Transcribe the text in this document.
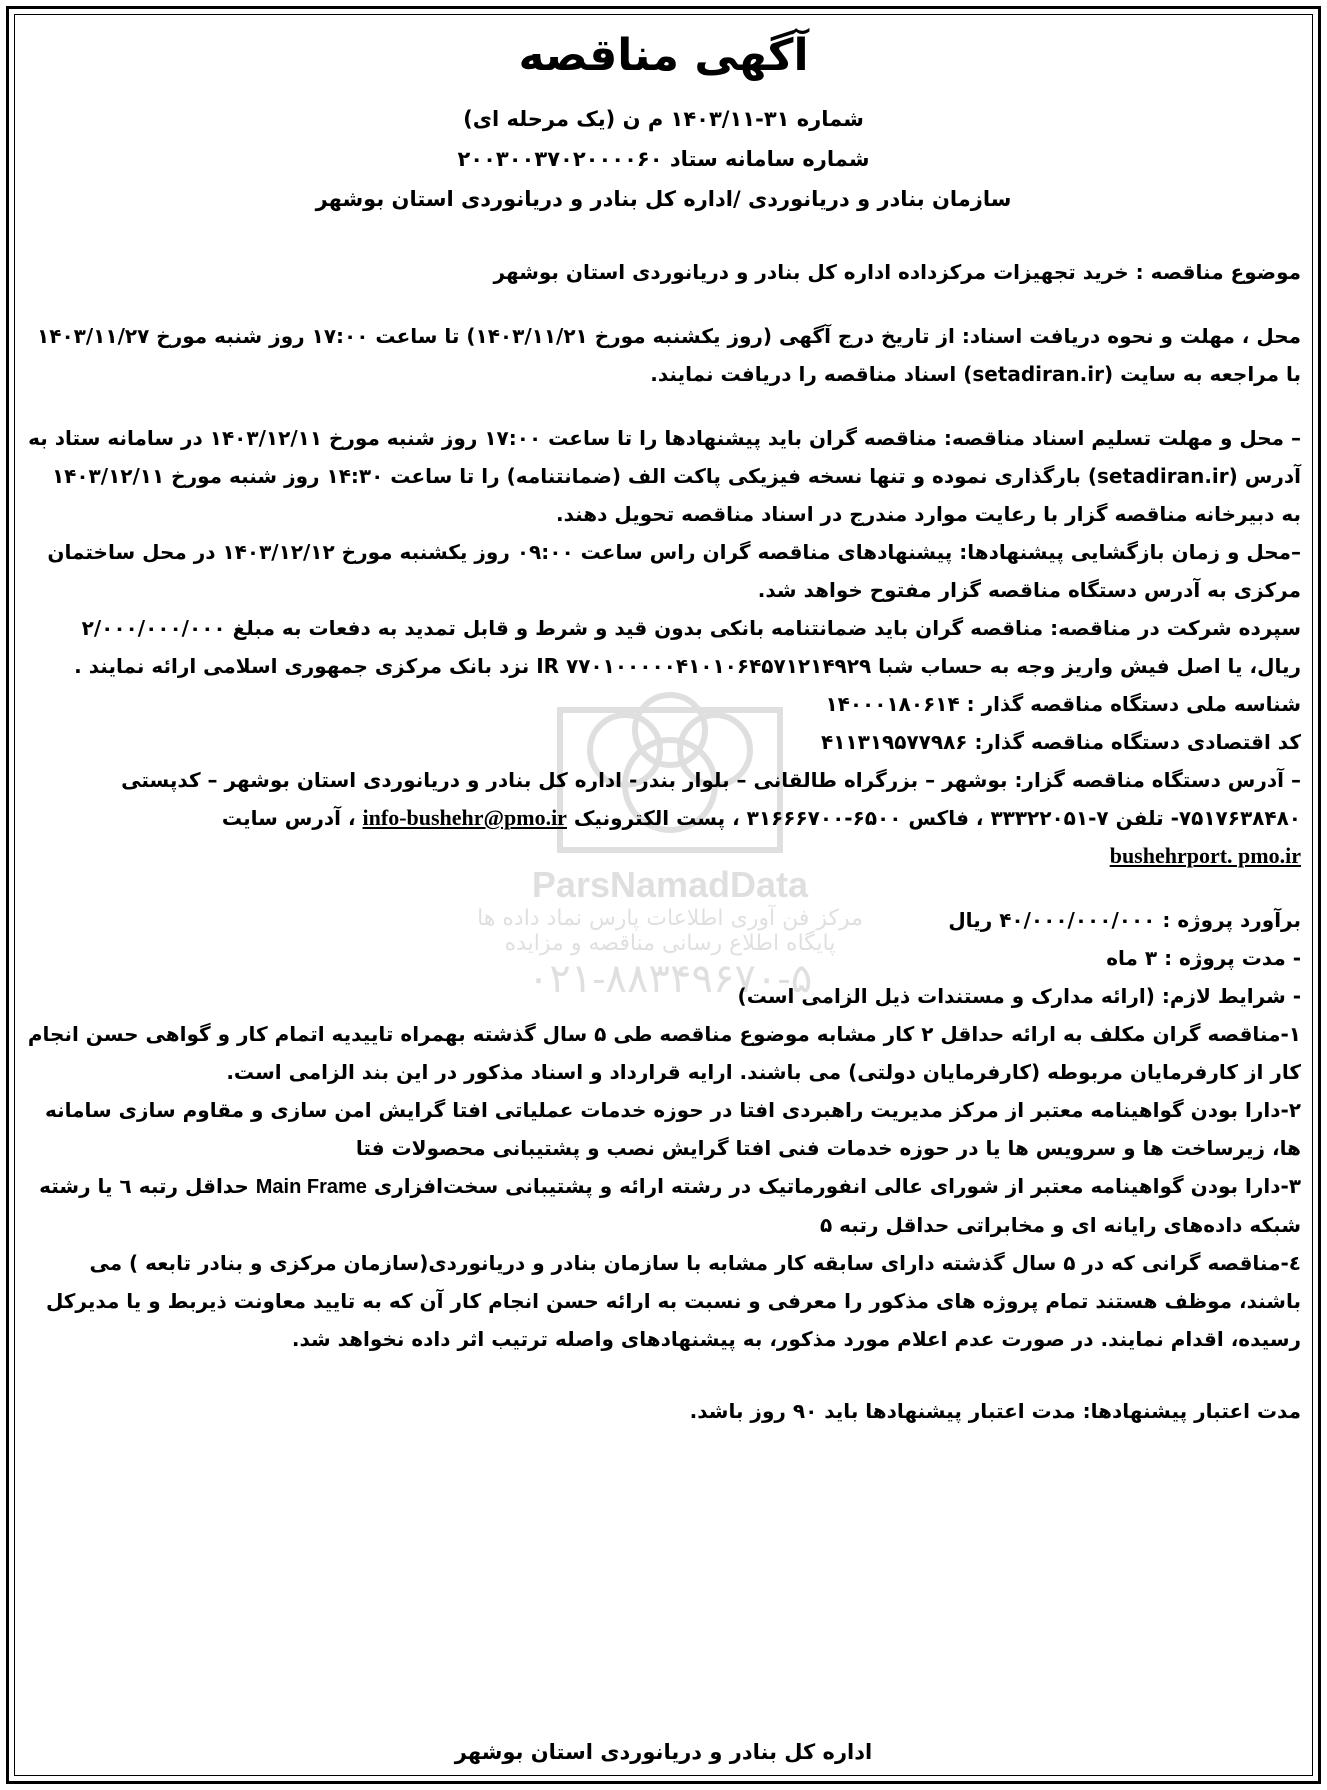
ParsNamadData
مرکز فن آوری اطلاعات پارس نماد داده ها
پایگاه اطلاع رسانی مناقصه و مزایده
۰۲۱-۸۸۳۴۹۶۷۰-۵
آگهی مناقصه
شماره ۳۱-۱۴۰۳/۱۱ م ن (یک مرحله ای)
شماره سامانه ستاد ۲۰۰۳۰۰۳۷۰۲۰۰۰۰۶۰
سازمان بنادر و دریانوردی /اداره کل بنادر و دریانوردی استان بوشهر

موضوع مناقصه : خرید تجهیزات مرکزداده اداره کل بنادر و دریانوردی استان بوشهر

محل ، مهلت و نحوه دریافت اسناد: از تاریخ درج آگهی (روز یکشنبه مورخ ۱۴۰۳/۱۱/۲۱) تا ساعت ۱۷:۰۰ روز شنبه مورخ ۱۴۰۳/۱۱/۲۷
با مراجعه به سایت (setadiran.ir) اسناد مناقصه را دریافت نمایند.

– محل و مهلت تسلیم اسناد مناقصه: مناقصه گران باید پیشنهادها را تا ساعت ۱۷:۰۰ روز شنبه مورخ ۱۴۰۳/۱۲/۱۱ در سامانه ستاد به آدرس (setadiran.ir) بارگذاری نموده و تنها نسخه فیزیکی پاکت الف (ضمانتنامه) را تا ساعت ۱۴:۳۰ روز شنبه مورخ ۱۴۰۳/۱۲/۱۱ به دبیرخانه مناقصه گزار با رعایت موارد مندرج در اسناد مناقصه تحویل دهند.

–محل و زمان بازگشایی پیشنهادها: پیشنهادهای مناقصه گران راس ساعت ۰۹:۰۰ روز یکشنبه مورخ ۱۴۰۳/۱۲/۱۲ در محل ساختمان مرکزی به آدرس دستگاه مناقصه گزار مفتوح خواهد شد.

سپرده شرکت در مناقصه: مناقصه گران باید ضمانتنامه بانکی بدون قید و شرط و قابل تمدید به دفعات به مبلغ ۲/۰۰۰/۰۰۰/۰۰۰ ریال، یا اصل فیش واریز وجه به حساب شبا IR ۷۷۰۱۰۰۰۰۰۴۱۰۱۰۶۴۵۷۱۲۱۴۹۲۹ نزد بانک مرکزی جمهوری اسلامی ارائه نمایند .

شناسه ملی دستگاه مناقصه گذار : ۱۴۰۰۰۱۸۰۶۱۴

کد اقتصادی دستگاه مناقصه گذار: ۴۱۱۳۱۹۵۷۷۹۸۶

– آدرس دستگاه مناقصه گزار: بوشهر – بزرگراه طالقانی – بلوار بندر- اداره کل بنادر و دریانوردی استان بوشهر – کدپستی ۷۵۱۷۶۳۸۴۸۰- تلفن ۷-۳۳۳۲۲۰۵۱ ، فاکس ۶۵۰۰-۳۱۶۶۶۷۰۰ ، پست الکترونیک info-bushehr@pmo.ir ، آدرس سایت
bushehrport. pmo.ir

برآورد پروژه : ۴۰/۰۰۰/۰۰۰/۰۰۰ ریال

- مدت پروژه : ۳ ماه

- شرایط لازم: (ارائه مدارک و مستندات ذیل الزامی است)

۱-مناقصه گران مکلف به ارائه حداقل ۲ کار مشابه موضوع مناقصه طی ۵ سال گذشته بهمراه تاییدیه اتمام کار و گواهی حسن انجام کار از کارفرمایان مربوطه (کارفرمایان دولتی) می باشند. ارایه قرارداد و اسناد مذکور در این بند الزامی است.

۲-دارا بودن گواهینامه معتبر از مرکز مدیریت راهبردی افتا در حوزه خدمات عملیاتی افتا گرایش امن سازی و مقاوم سازی سامانه ها، زیرساخت ها و سرویس ها یا در حوزه خدمات فنی افتا گرایش نصب و پشتیبانی محصولات فتا

۳-دارا بودن گواهینامه معتبر از شورای عالی انفورماتیک در رشته ارائه و پشتیبانی سخت‌افزاری Main Frame حداقل رتبه ٦ یا رشته شبکه داده‌های رایانه ای و مخابراتی حداقل رتبه ۵

٤-مناقصه گرانی که در ۵ سال گذشته دارای سابقه کار مشابه با سازمان بنادر و دریانوردی(سازمان مرکزی و بنادر تابعه ) می باشند، موظف هستند تمام پروژه های مذکور را معرفی و نسبت به ارائه حسن انجام کار آن که به تایید معاونت ذیربط و یا مدیرکل رسیده، اقدام نمایند. در صورت عدم اعلام مورد مذکور، به پیشنهادهای واصله ترتیب اثر داده نخواهد شد.

مدت اعتبار پیشنهادها: مدت اعتبار پیشنهادها باید ۹۰ روز باشد.

اداره کل بنادر و دریانوردی استان بوشهر
